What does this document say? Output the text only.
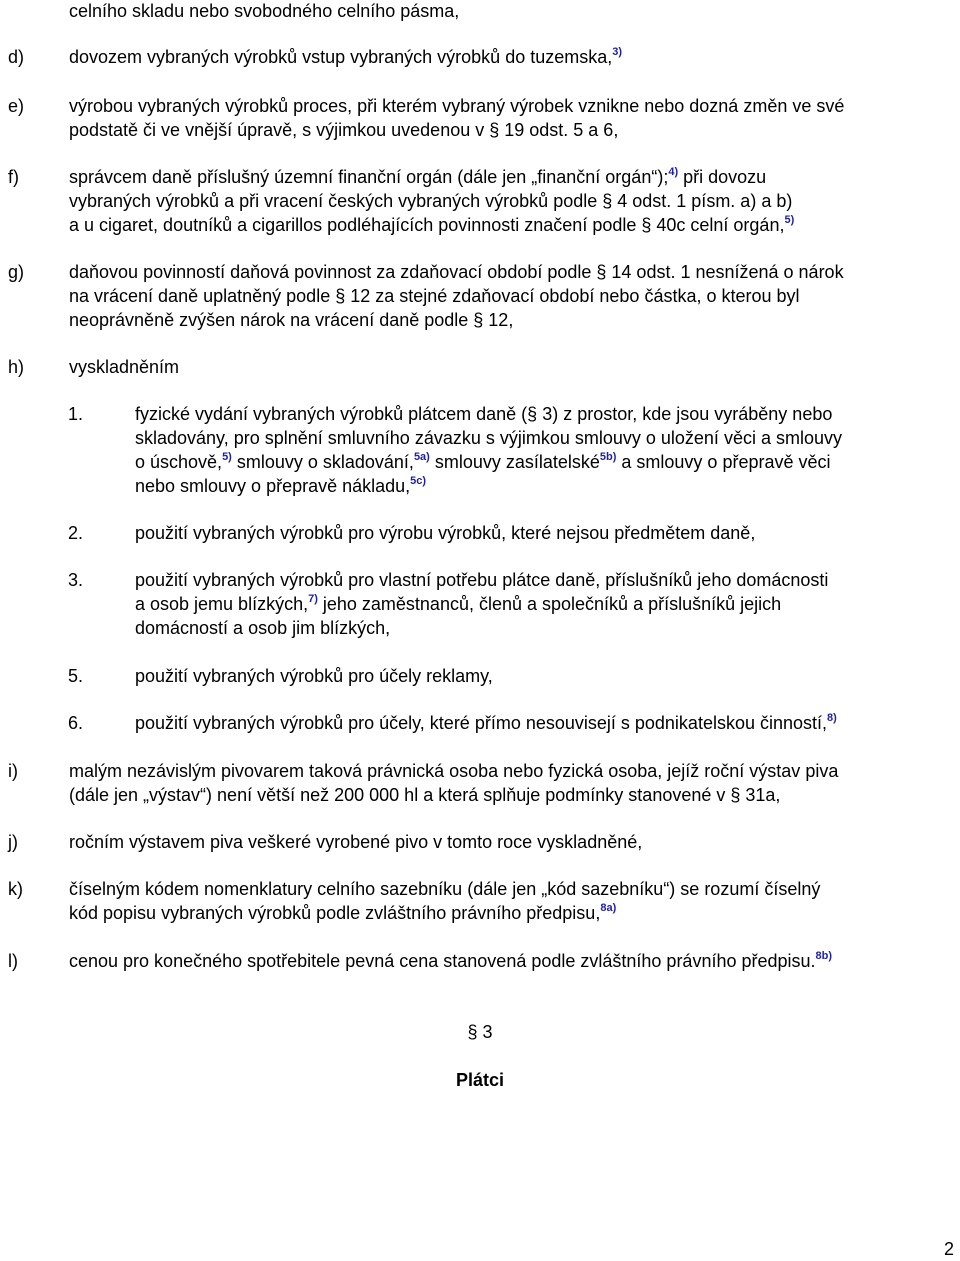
celního skladu nebo svobodného celního pásma,
d) dovozem vybraných výrobků vstup vybraných výrobků do tuzemska,$^{3)}$
e) výrobou vybraných výrobků proces, při kterém vybraný výrobek vznikne nebo dozná změn ve své
podstatě či ve vnější úpravě, s výjimkou uvedenou v § 19 odst. 5 a 6,
f)	správcem daně příslušný územní finanční orgán (dále jen „finanční orgán“);$^{4)}$ při dovozu
vybraných výrobků a při vracení českých vybraných výrobků podle § 4 odst. 1 písm. a) a b)
a u cigaret, doutníků a cigarillos podléhajících povinnosti značení podle § 40c celní orgán,$^{5)}$
g) daňovou povinností daňová povinnost za zdaňovací období podle § 14 odst. 1 nesnížená o nárok
na vrácení daně uplatněný podle § 12 za stejné zdaňovací období nebo částka, o kterou byl
neoprávněně zvýšen nárok na vrácení daně podle § 12,
h) vyskladněním
1.	fyzické vydání vybraných výrobků plátcem daně (§ 3) z prostor, kde jsou vyráběny nebo
skladovány, pro splnění smluvního závazku s výjimkou smlouvy o uložení věci a smlouvy
o úschově,$^{5)}$ smlouvy o skladování,$^{5a)}$ smlouvy zasílatelské$^{5b)}$ a smlouvy o přepravě věci
nebo smlouvy o přepravě nákladu,$^{5c)}$
2.	použití vybraných výrobků pro výrobu výrobků, které nejsou předmětem daně,
3.	použití vybraných výrobků pro vlastní potřebu plátce daně, příslušníků jeho domácnosti
a osob jemu blízkých,$^{7)}$ jeho zaměstnanců, členů a společníků a příslušníků jejich
domácností a osob jim blízkých,
5.	použití vybraných výrobků pro účely reklamy,
6.	použití vybraných výrobků pro účely, které přímo nesouvisejí s podnikatelskou činností,$^{8)}$
i)	malým nezávislým pivovarem taková právnická osoba nebo fyzická osoba, jejíž roční výstav piva
(dále jen „výstav“) není větší než 200 000 hl a která splňuje podmínky stanovené v § 31a,
j)	ročním výstavem piva veškeré vyrobené pivo v tomto roce vyskladněné,
k)	číselným kódem nomenklatury celního sazebníku (dále jen „kód sazebníku“) se rozumí číselný
kód popisu vybraných výrobků podle zvláštního právního předpisu,$^{8a)}$
l)	cenou pro konečného spotřebitele pevná cena stanovená podle zvláštního právního předpisu.$^{8b)}$
§ 3
Plátci
2
